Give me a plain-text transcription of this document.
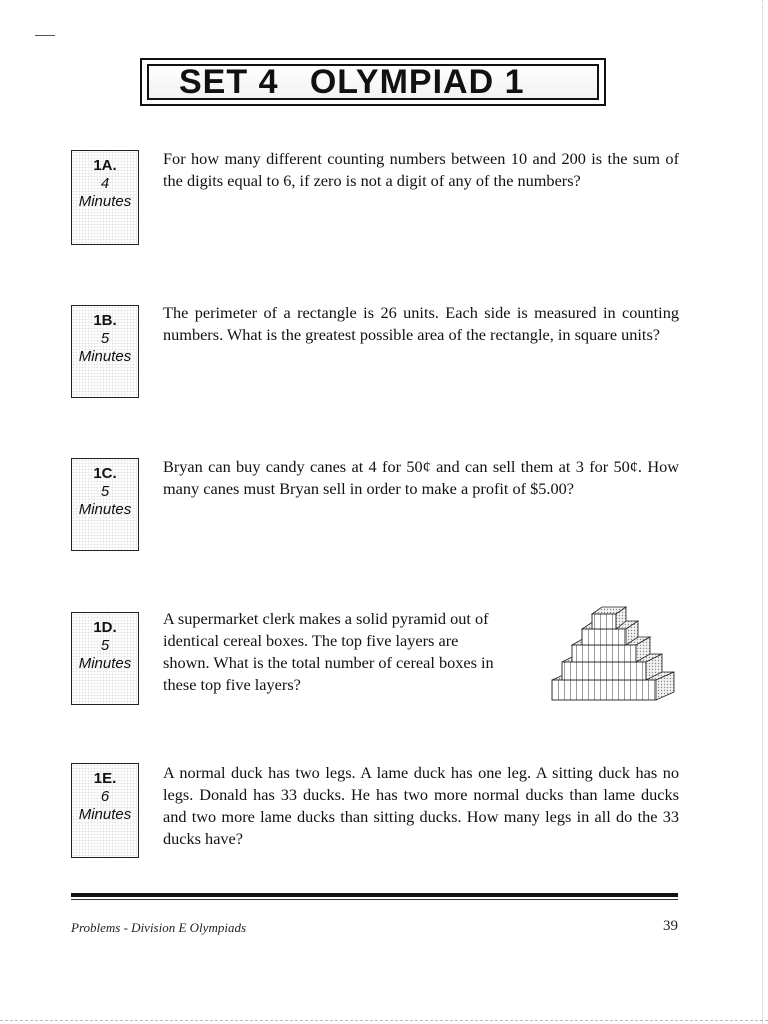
SET 4   OLYMPIAD 1
1A.
4
Minutes
For how many different counting numbers between 10 and 200 is the sum of the digits equal to 6, if zero is not a digit of any of the numbers?
1B.
5
Minutes
The perimeter of a rectangle is 26 units. Each side is measured in counting numbers. What is the greatest possible area of the rectangle, in square units?
1C.
5
Minutes
Bryan can buy candy canes at 4 for 50¢ and can sell them at 3 for 50¢. How many canes must Bryan sell in order to make a profit of $5.00?
1D.
5
Minutes
A supermarket clerk makes a solid pyramid out of identical cereal boxes. The top five layers are shown. What is the total number of cereal boxes in these top five layers?
1E.
6
Minutes
A normal duck has two legs. A lame duck has one leg. A sitting duck has no legs. Donald has 33 ducks. He has two more normal ducks than lame ducks and two more lame ducks than sitting ducks. How many legs in all do the 33 ducks have?
Problems - Division E Olympiads	39
